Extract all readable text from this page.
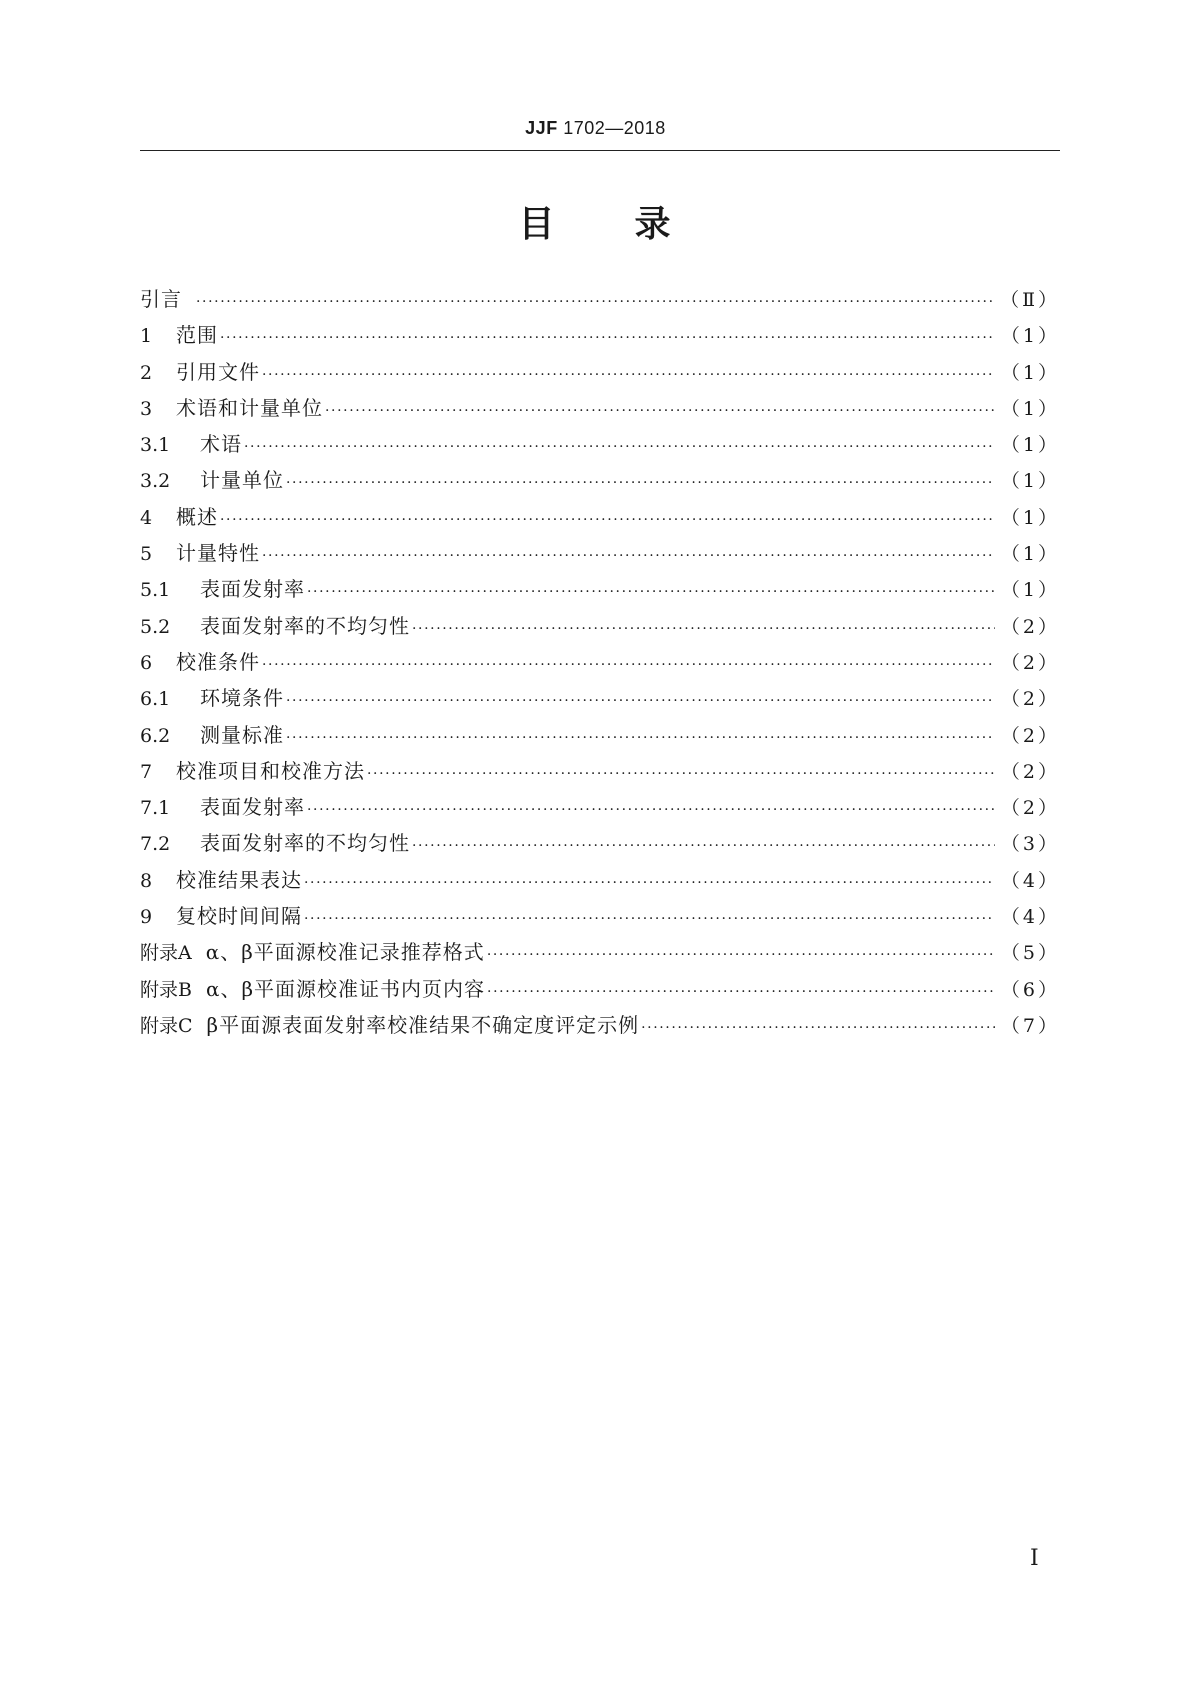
JJF 1702—2018
目 录
引言 ·····	（Ⅱ）
1	范围 ·····	（1）
2	引用文件 ·····	（1）
3	术语和计量单位 ·····	（1）
3.1	术语 ·····	（1）
3.2	计量单位 ·····	（1）
4	概述 ·····	（1）
5	计量特性 ·····	（1）
5.1	表面发射率 ·····	（1）
5.2	表面发射率的不均匀性 ·····	（2）
6	校准条件 ·····	（2）
6.1	环境条件 ·····	（2）
6.2	测量标准 ·····	（2）
7	校准项目和校准方法 ·····	（2）
7.1	表面发射率 ·····	（2）
7.2	表面发射率的不均匀性 ·····	（3）
8	校准结果表达 ·····	（4）
9	复校时间间隔 ·····	（4）
附录A α、β平面源校准记录推荐格式 ·····	（5）
附录B α、β平面源校准证书内页内容 ·····	（6）
附录C β平面源表面发射率校准结果不确定度评定示例 ·····	（7）
Ⅰ
